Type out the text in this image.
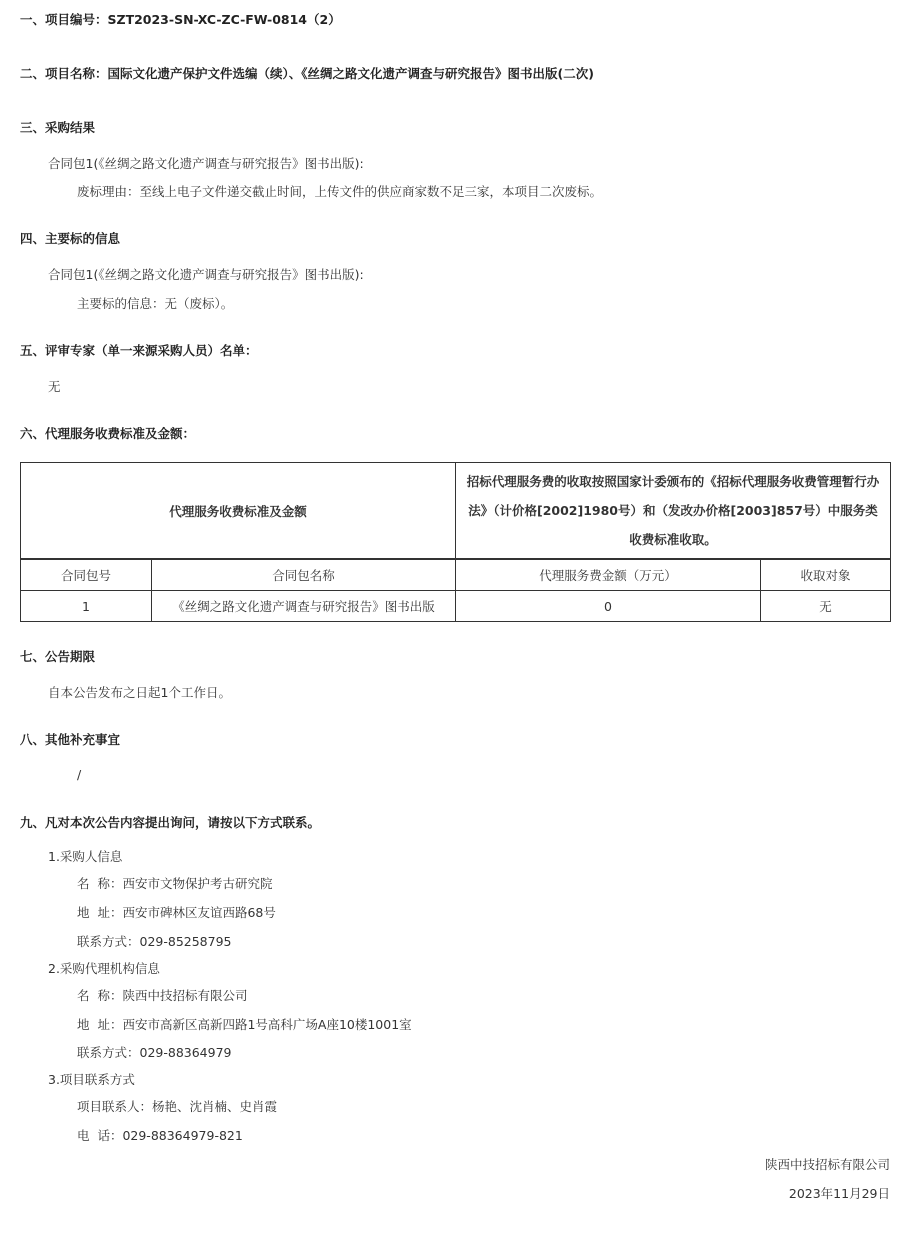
一、项目编号：SZT2023-SN-XC-ZC-FW-0814（2）
二、项目名称：国际文化遗产保护文件选编（续）、《丝绸之路文化遗产调查与研究报告》图书出版(二次)
三、采购结果
合同包1(《丝绸之路文化遗产调查与研究报告》图书出版):
废标理由：至线上电子文件递交截止时间，上传文件的供应商家数不足三家，本项目二次废标。
四、主要标的信息
合同包1(《丝绸之路文化遗产调查与研究报告》图书出版):
主要标的信息：无（废标）。
五、评审专家（单一来源采购人员）名单：
无
六、代理服务收费标准及金额：
代理服务收费标准及金额		招标代理服务费的收取按照国家计委颁布的《招标代理服务收费管理暂行办法》（计价格[2002]1980号）和（发改办价格[2003]857号）中服务类收费标准收取。	
合同包号	合同包名称	代理服务费金额（万元）	收取对象
1	《丝绸之路文化遗产调查与研究报告》图书出版	0	无
七、公告期限
自本公告发布之日起1个工作日。
八、其他补充事宜
/
九、凡对本次公告内容提出询问，请按以下方式联系。
1.采购人信息
名  称：西安市文物保护考古研究院
地  址：西安市碑林区友谊西路68号
联系方式：029-85258795
2.采购代理机构信息
名  称：陕西中技招标有限公司
地  址：西安市高新区高新四路1号高科广场A座10楼1001室
联系方式：029-88364979
3.项目联系方式
项目联系人：杨艳、沈肖楠、史肖霞
电  话：029-88364979-821
陕西中技招标有限公司
2023年11月29日
